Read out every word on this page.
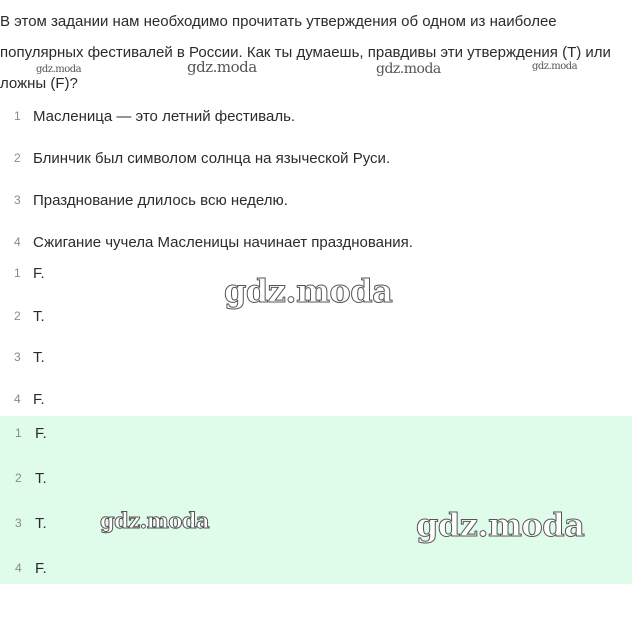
В этом задании нам необходимо прочитать утверждения об одном из наиболее популярных фестивалей в России. Как ты думаешь, правдивы эти утверждения (T) или ложны (F)?

1 Масленица — это летний фестиваль.
2 Блинчик был символом солнца на языческой Руси.
3 Празднование длилось всю неделю.
4 Сжигание чучела Масленицы начинает празднования.
1 F.
2 T.
3 T.
4 F.
1 F.
2 T.
3 T.
4 F.
gdz.moda	gdz.moda	gdz.moda	gdz.moda
gdz.moda
gdz.moda	gdz.moda
